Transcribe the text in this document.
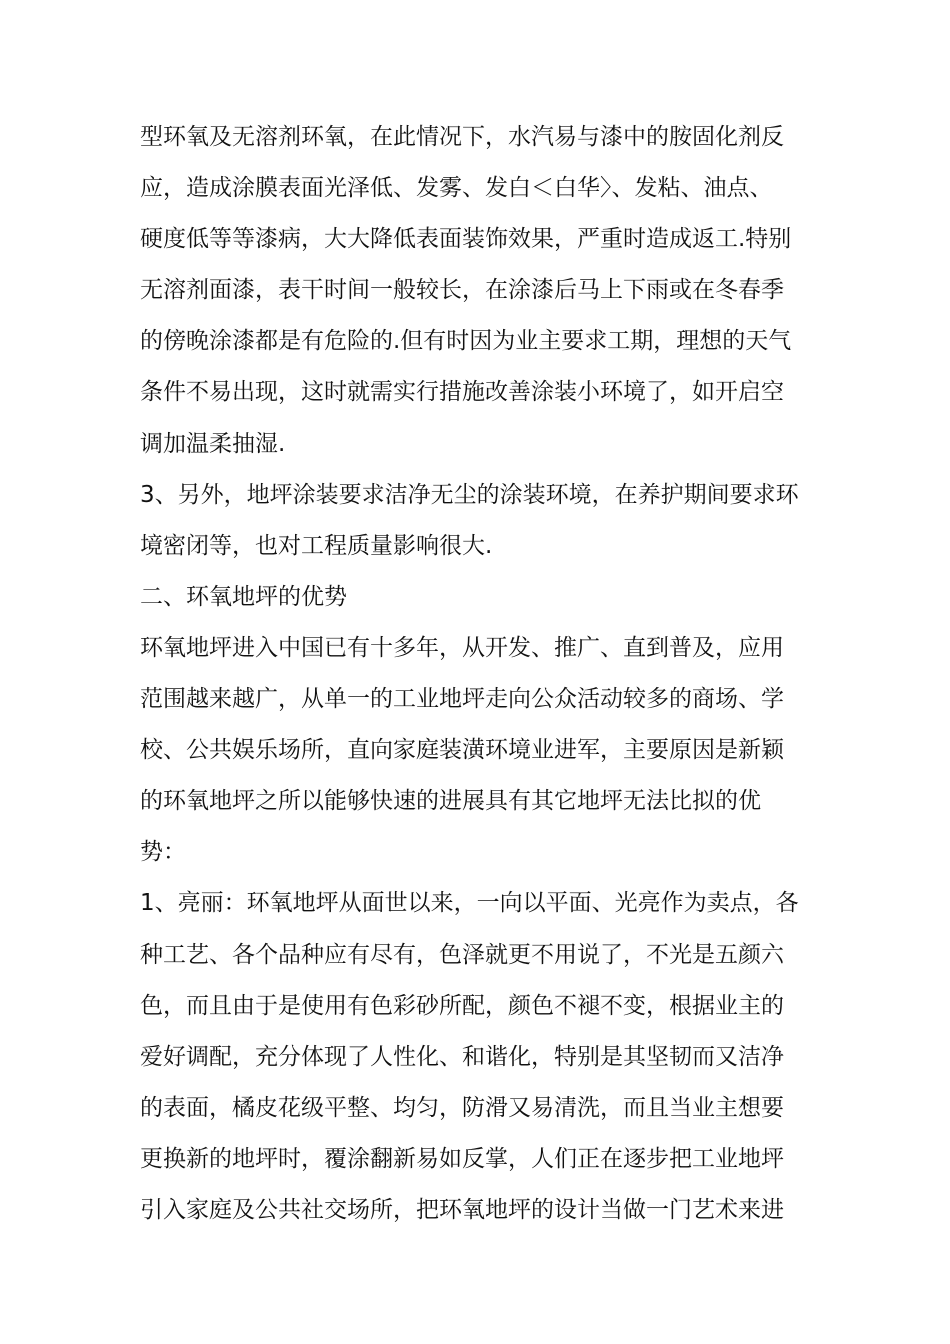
型环氧及无溶剂环氧，在此情况下，水汽易与漆中的胺固化剂反
应，造成涂膜表面光泽低、发雾、发白＜白华〉、发粘、油点、
硬度低等等漆病，大大降低表面装饰效果，严重时造成返工.特别
无溶剂面漆，表干时间一般较长，在涂漆后马上下雨或在冬春季
的傍晚涂漆都是有危险的.但有时因为业主要求工期，理想的天气
条件不易出现，这时就需实行措施改善涂装小环境了，如开启空
调加温柔抽湿.
3、另外，地坪涂装要求洁净无尘的涂装环境，在养护期间要求环
境密闭等，也对工程质量影响很大.
二、环氧地坪的优势
环氧地坪进入中国已有十多年，从开发、推广、直到普及，应用
范围越来越广，从单一的工业地坪走向公众活动较多的商场、学
校、公共娱乐场所，直向家庭装潢环境业进军，主要原因是新颖
的环氧地坪之所以能够快速的进展具有其它地坪无法比拟的优
势：
1、亮丽：环氧地坪从面世以来，一向以平面、光亮作为卖点，各
种工艺、各个品种应有尽有，色泽就更不用说了，不光是五颜六
色，而且由于是使用有色彩砂所配，颜色不褪不变，根据业主的
爱好调配，充分体现了人性化、和谐化，特别是其坚韧而又洁净
的表面，橘皮花级平整、均匀，防滑又易清洗，而且当业主想要
更换新的地坪时，覆涂翻新易如反掌，人们正在逐步把工业地坪
引入家庭及公共社交场所，把环氧地坪的设计当做一门艺术来进
